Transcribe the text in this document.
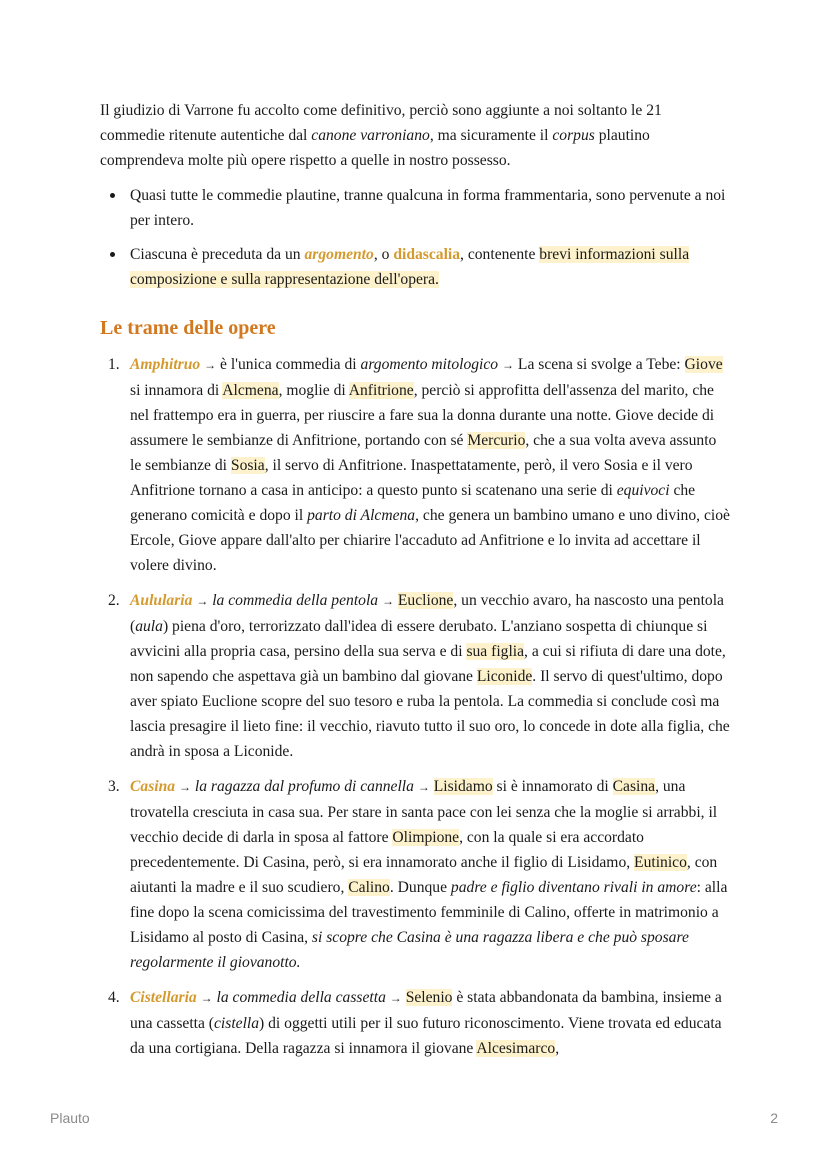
Il giudizio di Varrone fu accolto come definitivo, perciò sono aggiunte a noi soltanto le 21 commedie ritenute autentiche dal canone varroniano, ma sicuramente il corpus plautino comprendeva molte più opere rispetto a quelle in nostro possesso.

Quasi tutte le commedie plautine, tranne qualcuna in forma frammentaria, sono pervenute a noi per intero.
Ciascuna è preceduta da un argomento, o didascalia, contenente brevi informazioni sulla composizione e sulla rappresentazione dell'opera.
Le trame delle opere
1. Amphitruo → è l'unica commedia di argomento mitologico → La scena si svolge a Tebe: Giove si innamora di Alcmena, moglie di Anfitrione, perciò si approfitta dell'assenza del marito, che nel frattempo era in guerra, per riuscire a fare sua la donna durante una notte. Giove decide di assumere le sembianze di Anfitrione, portando con sé Mercurio, che a sua volta aveva assunto le sembianze di Sosia, il servo di Anfitrione. Inaspettatamente, però, il vero Sosia e il vero Anfitrione tornano a casa in anticipo: a questo punto si scatenano una serie di equivoci che generano comicità e dopo il parto di Alcmena, che genera un bambino umano e uno divino, cioè Ercole, Giove appare dall'alto per chiarire l'accaduto ad Anfitrione e lo invita ad accettare il volere divino.
2. Aulularia → la commedia della pentola → Euclione, un vecchio avaro, ha nascosto una pentola (aula) piena d'oro, terrorizzato dall'idea di essere derubato. L'anziano sospetta di chiunque si avvicini alla propria casa, persino della sua serva e di sua figlia, a cui si rifiuta di dare una dote, non sapendo che aspettava già un bambino dal giovane Liconide. Il servo di quest'ultimo, dopo aver spiato Euclione scopre del suo tesoro e ruba la pentola. La commedia si conclude così ma lascia presagire il lieto fine: il vecchio, riavuto tutto il suo oro, lo concede in dote alla figlia, che andrà in sposa a Liconide.
3. Casina → la ragazza dal profumo di cannella → Lisidamo si è innamorato di Casina, una trovatella cresciuta in casa sua. Per stare in santa pace con lei senza che la moglie si arrabbi, il vecchio decide di darla in sposa al fattore Olimpione, con la quale si era accordato precedentemente. Di Casina, però, si era innamorato anche il figlio di Lisidamo, Eutinico, con aiutanti la madre e il suo scudiero, Calino. Dunque padre e figlio diventano rivali in amore: alla fine dopo la scena comicissima del travestimento femminile di Calino, offerte in matrimonio a Lisidamo al posto di Casina, si scopre che Casina è una ragazza libera e che può sposare regolarmente il giovanotto.
4. Cistellaria → la commedia della cassetta → Selenio è stata abbandonata da bambina, insieme a una cassetta (cistella) di oggetti utili per il suo futuro riconoscimento. Viene trovata ed educata da una cortigiana. Della ragazza si innamora il giovane Alcesimarco,
Plauto	2
